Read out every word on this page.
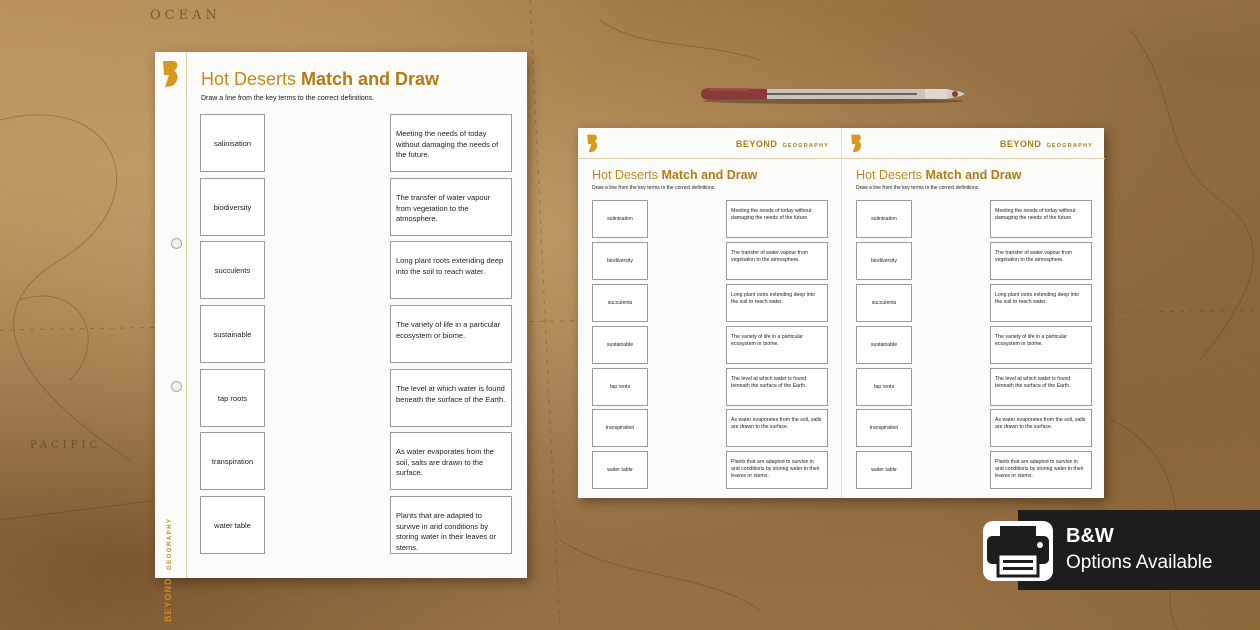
OCEAN
PACIFIC
BEYOND GEOGRAPHY
Hot Deserts Match and Draw
Draw a line from the key terms to the correct definitions.
salinisation
biodiversity
succulents
sustainable
tap roots
transpiration
water table
Meeting the needs of today without damaging the needs of the future.
The transfer of water vapour from vegetation to the atmosphere.
Long plant roots extending deep into the soil to reach water.
The variety of life in a particular ecosystem or biome.
The level at which water is found beneath the surface of the Earth.
As water evaporates from the soil, salts are drawn to the surface.
Plants that are adapted to survive in arid conditions by storing water in their leaves or stems.
BEYOND GEOGRAPHY
Hot Deserts Match and Draw
Draw a line from the key terms to the correct definitions.
salinisation
biodiversity
succulents
sustainable
tap roots
transpiration
water table
Meeting the needs of today without damaging the needs of the future.
The transfer of water vapour from vegetation to the atmosphere.
Long plant roots extending deep into the soil to reach water.
The variety of life in a particular ecosystem or biome.
The level at which water is found beneath the surface of the Earth.
As water evaporates from the soil, salts are drawn to the surface.
Plants that are adapted to survive in arid conditions by storing water in their leaves or stems.
BEYOND GEOGRAPHY
Hot Deserts Match and Draw
Draw a line from the key terms to the correct definitions.
salinisation
biodiversity
succulents
sustainable
tap roots
transpiration
water table
Meeting the needs of today without damaging the needs of the future.
The transfer of water vapour from vegetation to the atmosphere.
Long plant roots extending deep into the soil to reach water.
The variety of life in a particular ecosystem or biome.
The level at which water is found beneath the surface of the Earth.
As water evaporates from the soil, salts are drawn to the surface.
Plants that are adapted to survive in arid conditions by storing water in their leaves or stems.
B&W
Options Available
